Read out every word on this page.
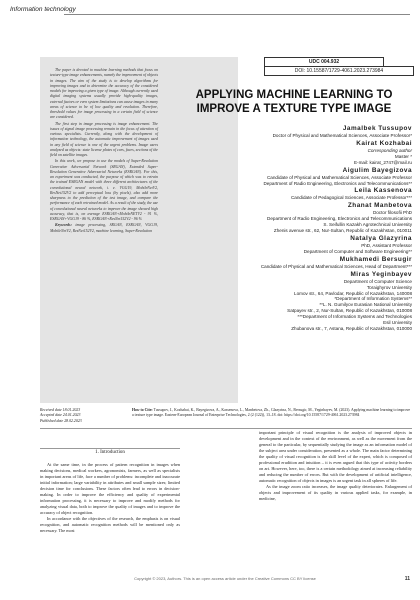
Information technology

The paper is devoted to machine learning methods that focus on texture-type image enhancements, namely the improvement of objects in images. The aim of the study is to develop algorithms for improving images and to determine the accuracy of the considered models for improving a given type of image. Although currently used digital imaging systems usually provide high-quality images, external factors or even system limitations can cause images in many areas of science to be of low quality and resolution. Therefore, threshold values for image processing in a certain field of science are considered.

The first step in image processing is image enhancement. The issues of signal image processing remain in the focus of attention of various specialists. Currently, along with the development of information technology, the automatic improvement of images used in any field of science is one of the urgent problems. Image users analyzed as objects: state license plates of cars, faces, sections of the field on satellite images.

In this work, we propose to use the models of Super-Resolution Generative Adversarial Network (SRGAN), Extended Super-Resolution Generative Adversarial Networks (ESRGAN). For this, an experiment was conducted, the purpose of which was to retrain the trained ESRGAN model with three different architectures of the convolutional neural network, i. e. VGG19, MobileNetV2, ResNet152V2 to add perceptual loss (by pixels), also add more sharpness to the prediction of the test image, and compare the performance of each retrained model. As a result of the study, the use of convolutional neural networks to improve the image showed high accuracy, that is, on average ESRGAN+MobileNETV2 - 91 %, ESRGAN+VGG19 - 86 %, ESRGAN+ResNet152V2 - 96 %

Keywords: image processing, SRGAN, ESRGAN, VGG19, MobileNetV2, ResNet152V2, machine learning, Super-Resolution

UDC 004.932
DOI: 10.15587/1729-4061.2023.273984
APPLYING MACHINE LEARNING TO IMPROVE A TEXTURE TYPE IMAGE
Jamalbek Tussupov
Doctor of Physical and Mathematical Sciences, Associate Professor*
Kairat Kozhabai
Corresponding author
Master *
E-mail: kairat_2747@mail.ru
Aigulim Bayegizova
Candidate of Physical and Mathematical Sciences, Associate Professor
Department of Radio Engineering, Electronics and Telecommunications**
Leila Kassenova
Candidate of Pedagogical Sciences, Associate Professor***
Zhanat Manbetova
Doctor filosofii PhD
Department of Radio Engineering, Electronics and Telecommunications
S. Seifullin Kazakh Agrotechnical University
Zhenis avenue str., 62, Nur-Sultan, Republic of Kazakhstan, 010011
Natalya Glazyrina
PhD, Assistant Professor
Department of Computer and Software Engineering**
Mukhamedi Bersugir
Candidate of Physical and Mathematical Sciences, Head of Department***
Miras Yeginbayev
Department of Computer Science
Toraighyrov University
Lomov str., 64, Pavlodar, Republic of Kazakhstan, 140008
*Department of Information Systems**
**L. N. Gumilyov Eurasian National University
Satpayev str., 2, Nur-Sultan, Republic of Kazakhstan, 010008
***Department of Information Systems and Technologies
Esil University
Zhubanova str., 7, Astana, Republic of Kazakhstan, 010000
Received date 18.01.2023
Accepted date 24.01.2023
Published date 28.02.2023
How to Cite: Tussupov, J., Kozhabai, K., Bayegizova, A., Kassenova, L., Manbetova, Zh., Glazyrina, N., Bersugir, M., Yeginbayev, M. (2023). Applying machine learning to improve a texture type image. Eastern-European Journal of Enterprise Technologies, 2 (2 (122)), 13–18. doi: https://doi.org/10.15587/1729-4061.2023.273984
1. Introduction

At the same time, in the process of pattern recognition in images when making decisions, medical workers, agronomists, farmers, as well as specialists in important areas of life, face a number of problems: incomplete and inaccurate initial information; large variability in attributes and small sample sizes; limited decision time for conclusions. These factors often lead to errors in decision-making. In order to improve the efficiency and quality of experimental information processing, it is necessary to improve and modify methods for analyzing visual data, both to improve the quality of images and to improve the accuracy of object recognition.

In accordance with the objectives of the research, the emphasis is on visual recognition, and automatic recognition methods will be mentioned only as necessary. The most

important principle of visual recognition is the analysis of improved objects in development and in the context of the environment, as well as the movement from the general to the particular, by sequentially studying the image as an information model of the subject area under consideration, presented as a whole. The main factor determining the quality of visual recognition is the skill level of the expert, which is composed of professional erudition and intuition – it is even argued that this type of activity borders on art. However, here, too, there is a certain methodology aimed at increasing reliability and reducing the number of errors. But with the development of artificial intelligence, automatic recognition of objects in images is an urgent task in all spheres of life.

As the image zoom ratio increases, the image quality deteriorates. Enlargement of objects and improvement of its quality in various applied tasks, for example, in medicine,

Copyright © 2023, Authors. This is an open access article under the Creative Commons CC BY license	11
